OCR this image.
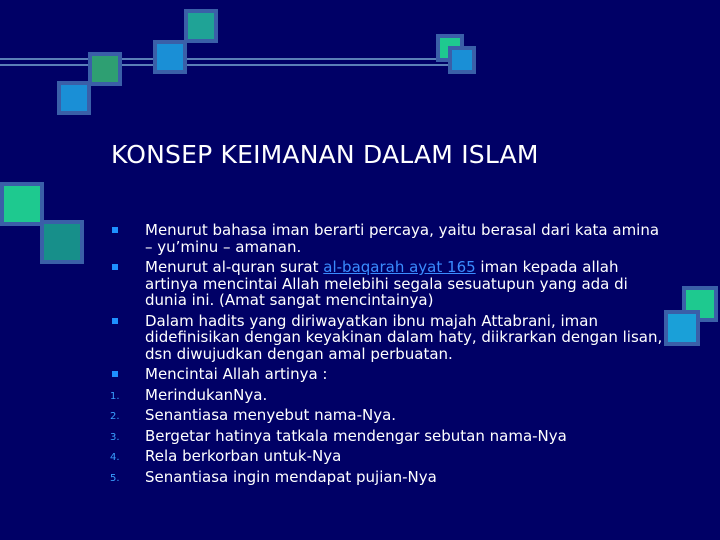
KONSEP KEIMANAN DALAM ISLAM
Menurut bahasa iman berarti percaya, yaitu berasal dari kata amina – yu’minu – amanan.
Menurut al-quran surat al-baqarah ayat 165 iman kepada allah artinya mencintai Allah melebihi segala sesuatupun yang ada di dunia ini. (Amat sangat mencintainya)
Dalam hadits yang diriwayatkan ibnu majah Attabrani, iman didefinisikan dengan keyakinan dalam haty, diikrarkan dengan lisan, dsn diwujudkan dengan amal perbuatan.
Mencintai Allah artinya :
1. MerindukanNya.
2. Senantiasa menyebut nama-Nya.
3. Bergetar hatinya tatkala mendengar sebutan nama-Nya
4. Rela berkorban untuk-Nya
5. Senantiasa ingin mendapat pujian-Nya
